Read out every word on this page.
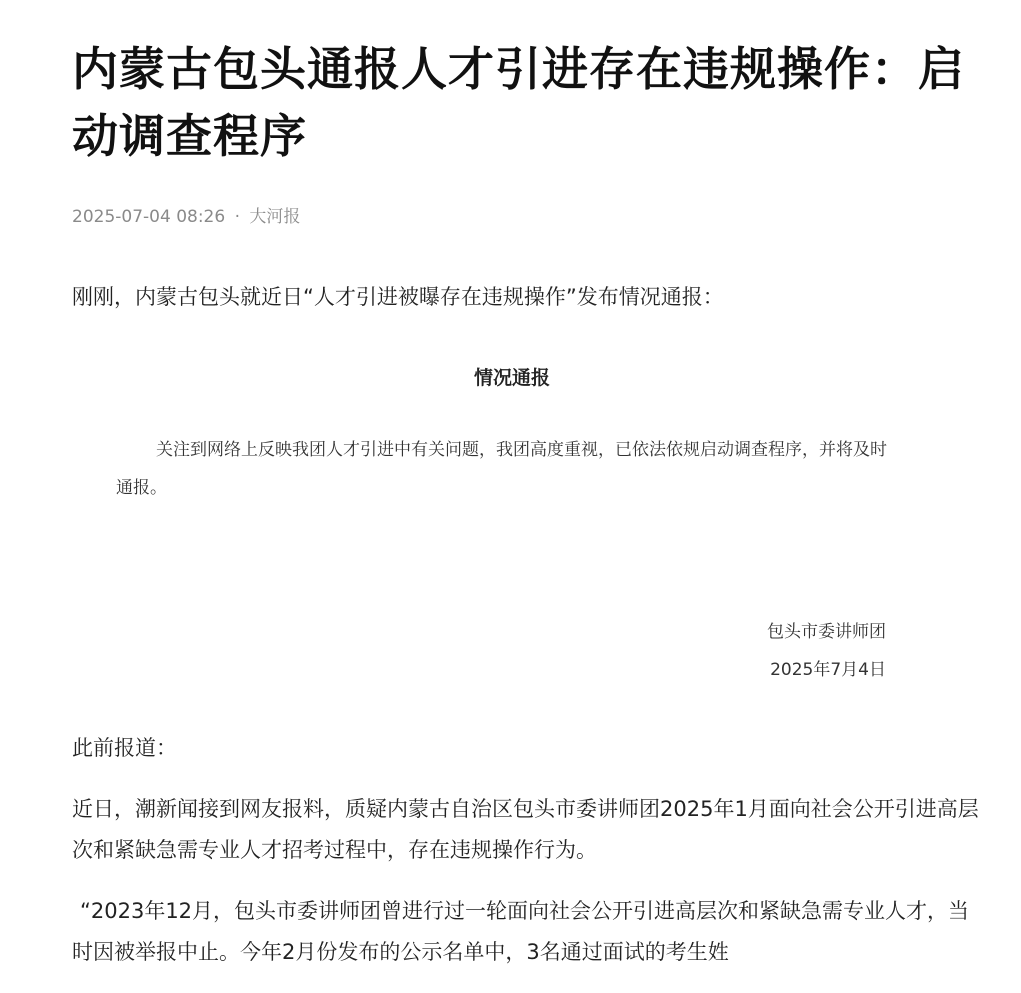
内蒙古包头通报人才引进存在违规操作：启动调查程序
2025-07-04 08:26 · 大河报

刚刚，内蒙古包头就近日“人才引进被曝存在违规操作”发布情况通报：

情况通报
关注到网络上反映我团人才引进中有关问题，我团高度重视，已依法依规启动调查程序，并将及时通报。
包头市委讲师团
2025年7月4日

此前报道：

近日，潮新闻接到网友报料，质疑内蒙古自治区包头市委讲师团2025年1月面向社会公开引进高层次和紧缺急需专业人才招考过程中，存在违规操作行为。

“2023年12月，包头市委讲师团曾进行过一轮面向社会公开引进高层次和紧缺急需专业人才，当时因被举报中止。今年2月份发布的公示名单中，3名通过面试的考生姓
